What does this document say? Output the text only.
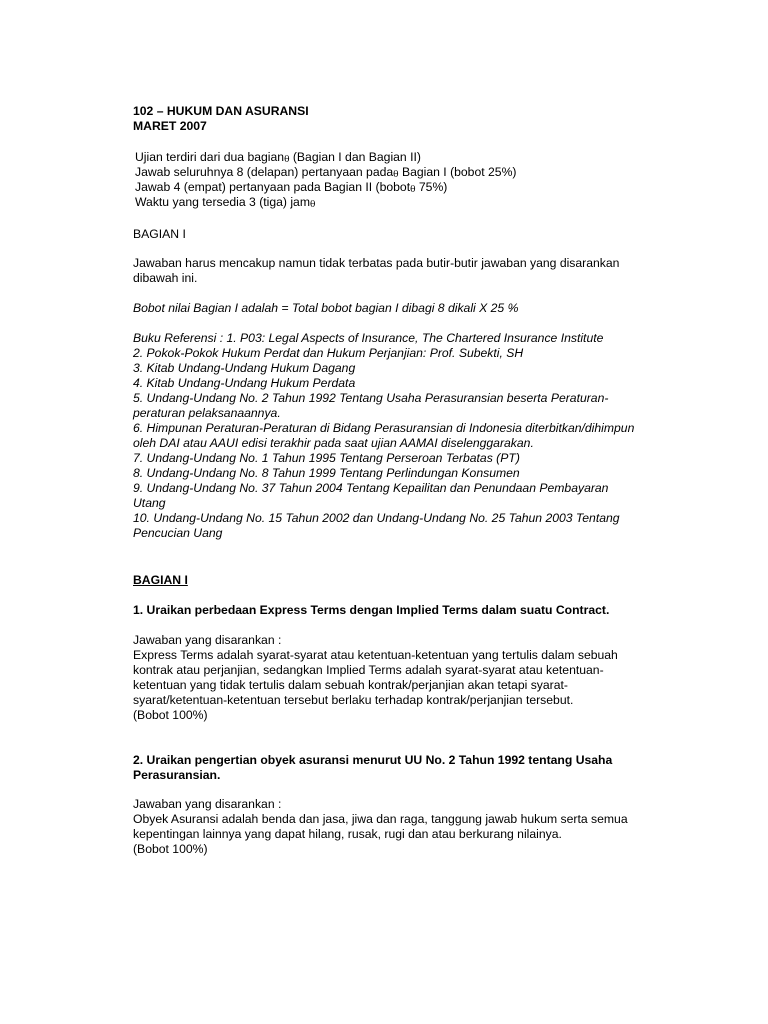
102 – HUKUM DAN ASURANSI
MARET 2007
Ujian terdiri dari dua bagianθ (Bagian I dan Bagian II)
Jawab seluruhnya 8 (delapan) pertanyaan padaθ Bagian I (bobot 25%)
Jawab 4 (empat) pertanyaan pada Bagian II (bobotθ 75%)
Waktu yang tersedia 3 (tiga) jamθ
BAGIAN I
Jawaban harus mencakup namun tidak terbatas pada butir-butir jawaban yang disarankan
dibawah ini.
Bobot nilai Bagian I adalah = Total bobot bagian I dibagi 8 dikali X 25 %
Buku Referensi : 1. P03: Legal Aspects of Insurance, The Chartered Insurance Institute
2. Pokok-Pokok Hukum Perdat dan Hukum Perjanjian: Prof. Subekti, SH
3. Kitab Undang-Undang Hukum Dagang
4. Kitab Undang-Undang Hukum Perdata
5. Undang-Undang No. 2 Tahun 1992 Tentang Usaha Perasuransian beserta Peraturan-
peraturan pelaksanaannya.
6. Himpunan Peraturan-Peraturan di Bidang Perasuransian di Indonesia diterbitkan/dihimpun
oleh DAI atau AAUI edisi terakhir pada saat ujian AAMAI diselenggarakan.
7. Undang-Undang No. 1 Tahun 1995 Tentang Perseroan Terbatas (PT)
8. Undang-Undang No. 8 Tahun 1999 Tentang Perlindungan Konsumen
9. Undang-Undang No. 37 Tahun 2004 Tentang Kepailitan dan Penundaan Pembayaran
Utang
10. Undang-Undang No. 15 Tahun 2002 dan Undang-Undang No. 25 Tahun 2003 Tentang
Pencucian Uang
BAGIAN I
1. Uraikan perbedaan Express Terms dengan Implied Terms dalam suatu Contract.
Jawaban yang disarankan :
Express Terms adalah syarat-syarat atau ketentuan-ketentuan yang tertulis dalam sebuah
kontrak atau perjanjian, sedangkan Implied Terms adalah syarat-syarat atau ketentuan-
ketentuan yang tidak tertulis dalam sebuah kontrak/perjanjian akan tetapi syarat-
syarat/ketentuan-ketentuan tersebut berlaku terhadap kontrak/perjanjian tersebut.
(Bobot 100%)
2. Uraikan pengertian obyek asuransi menurut UU No. 2 Tahun 1992 tentang Usaha
Perasuransian.
Jawaban yang disarankan :
Obyek Asuransi adalah benda dan jasa, jiwa dan raga, tanggung jawab hukum serta semua
kepentingan lainnya yang dapat hilang, rusak, rugi dan atau berkurang nilainya.
(Bobot 100%)
